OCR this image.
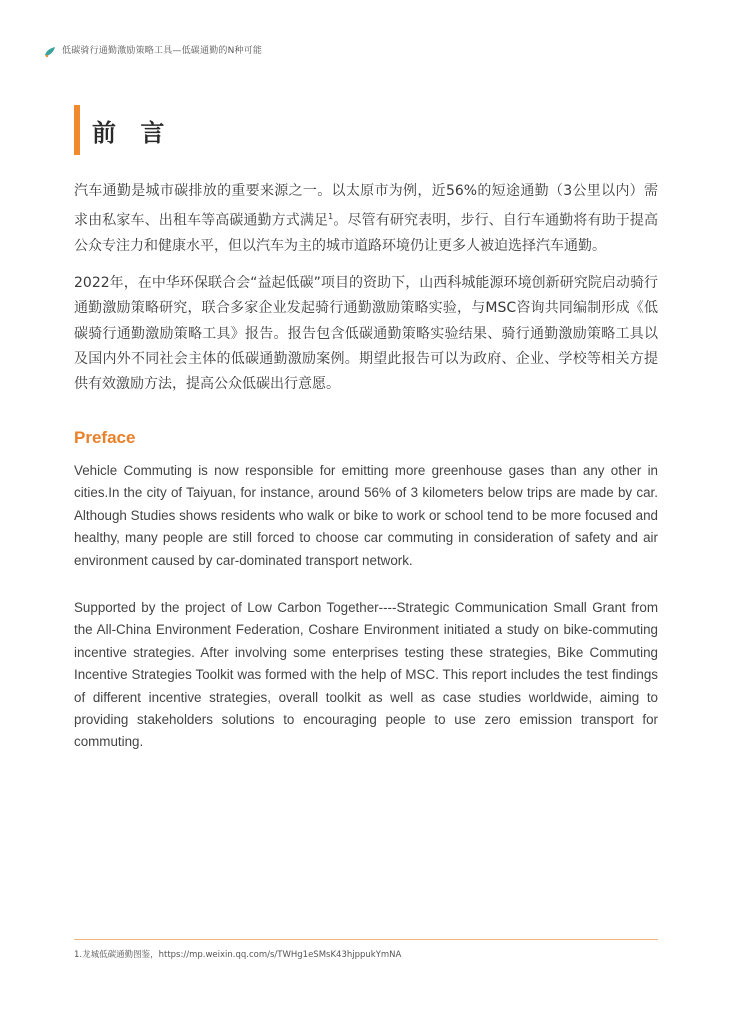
低碳骑行通勤激励策略工具—低碳通勤的N种可能
前 言

汽车通勤是城市碳排放的重要来源之一。以太原市为例，近56%的短途通勤（3公里以内）需求由私家车、出租车等高碳通勤方式满足$^1$。尽管有研究表明，步行、自行车通勤将有助于提高公众专注力和健康水平，但以汽车为主的城市道路环境仍让更多人被迫选择汽车通勤。

2022年，在中华环保联合会“益起低碳”项目的资助下，山西科城能源环境创新研究院启动骑行通勤激励策略研究，联合多家企业发起骑行通勤激励策略实验，与MSC咨询共同编制形成《低碳骑行通勤激励策略工具》报告。报告包含低碳通勤策略实验结果、骑行通勤激励策略工具以及国内外不同社会主体的低碳通勤激励案例。期望此报告可以为政府、企业、学校等相关方提供有效激励方法，提高公众低碳出行意愿。

Preface

Vehicle Commuting is now responsible for emitting more greenhouse gases than any other in cities.In the city of Taiyuan, for instance, around 56% of 3 kilometers below trips are made by car. Although Studies shows residents who walk or bike to work or school tend to be more focused and healthy, many people are still forced to choose car commuting in consideration of safety and air environment caused by car-dominated transport network.

Supported by the project of Low Carbon Together----Strategic Communication Small Grant from the All-China Environment Federation, Coshare Environment initiated a study on bike-commuting incentive strategies. After involving some enterprises testing these strategies, Bike Commuting Incentive Strategies Toolkit was formed with the help of MSC. This report includes the test findings of different incentive strategies, overall toolkit as well as case studies worldwide, aiming to providing stakeholders solutions to encouraging people to use zero emission transport for commuting.

1.龙城低碳通勤图鉴，https://mp.weixin.qq.com/s/TWHg1eSMsK43hjppukYmNA
